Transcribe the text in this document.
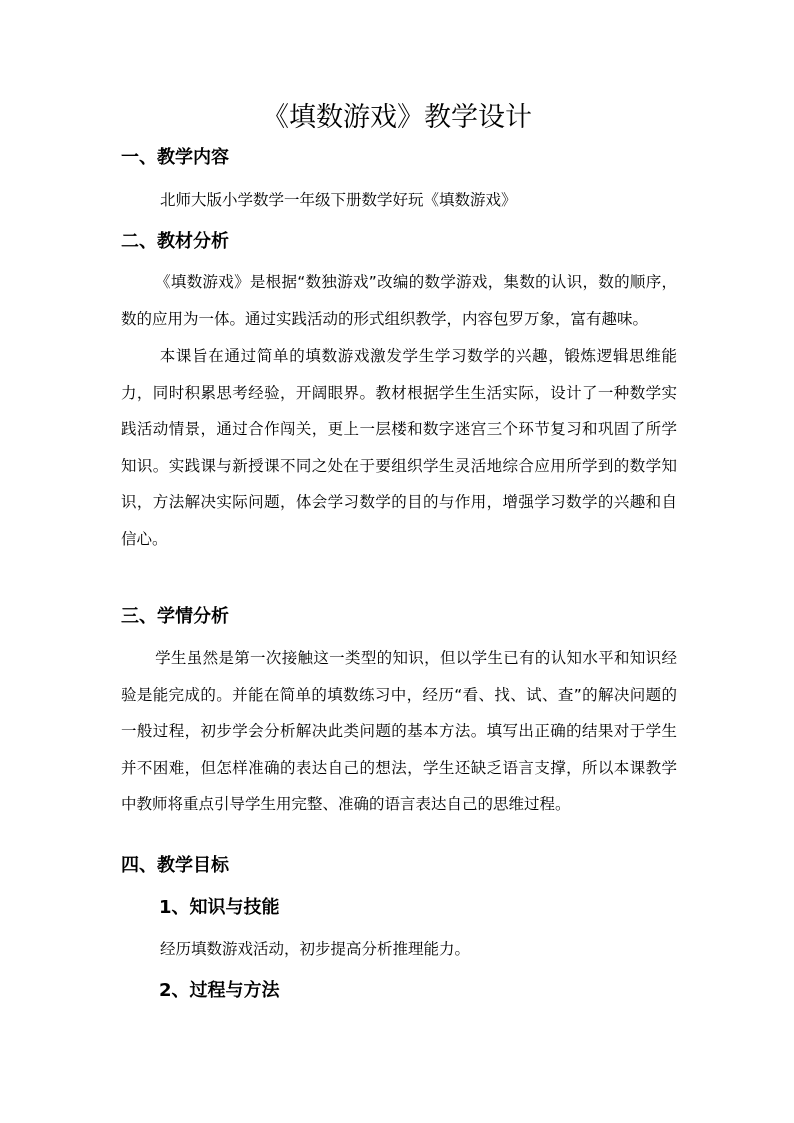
《填数游戏》教学设计
一、教学内容

北师大版小学数学一年级下册数学好玩《填数游戏》

二、教材分析

《填数游戏》是根据“数独游戏”改编的数学游戏，集数的认识，数的顺序，数的应用为一体。通过实践活动的形式组织教学，内容包罗万象，富有趣味。

本课旨在通过简单的填数游戏激发学生学习数学的兴趣，锻炼逻辑思维能力，同时积累思考经验，开阔眼界。教材根据学生生活实际，设计了一种数学实践活动情景，通过合作闯关，更上一层楼和数字迷宫三个环节复习和巩固了所学知识。实践课与新授课不同之处在于要组织学生灵活地综合应用所学到的数学知识，方法解决实际问题，体会学习数学的目的与作用，增强学习数学的兴趣和自信心。

三、学情分析

学生虽然是第一次接触这一类型的知识，但以学生已有的认知水平和知识经验是能完成的。并能在简单的填数练习中，经历“看、找、试、查”的解决问题的一般过程，初步学会分析解决此类问题的基本方法。填写出正确的结果对于学生并不困难，但怎样准确的表达自己的想法，学生还缺乏语言支撑，所以本课教学中教师将重点引导学生用完整、准确的语言表达自己的思维过程。

四、教学目标
1、知识与技能

经历填数游戏活动，初步提高分析推理能力。

2、过程与方法
